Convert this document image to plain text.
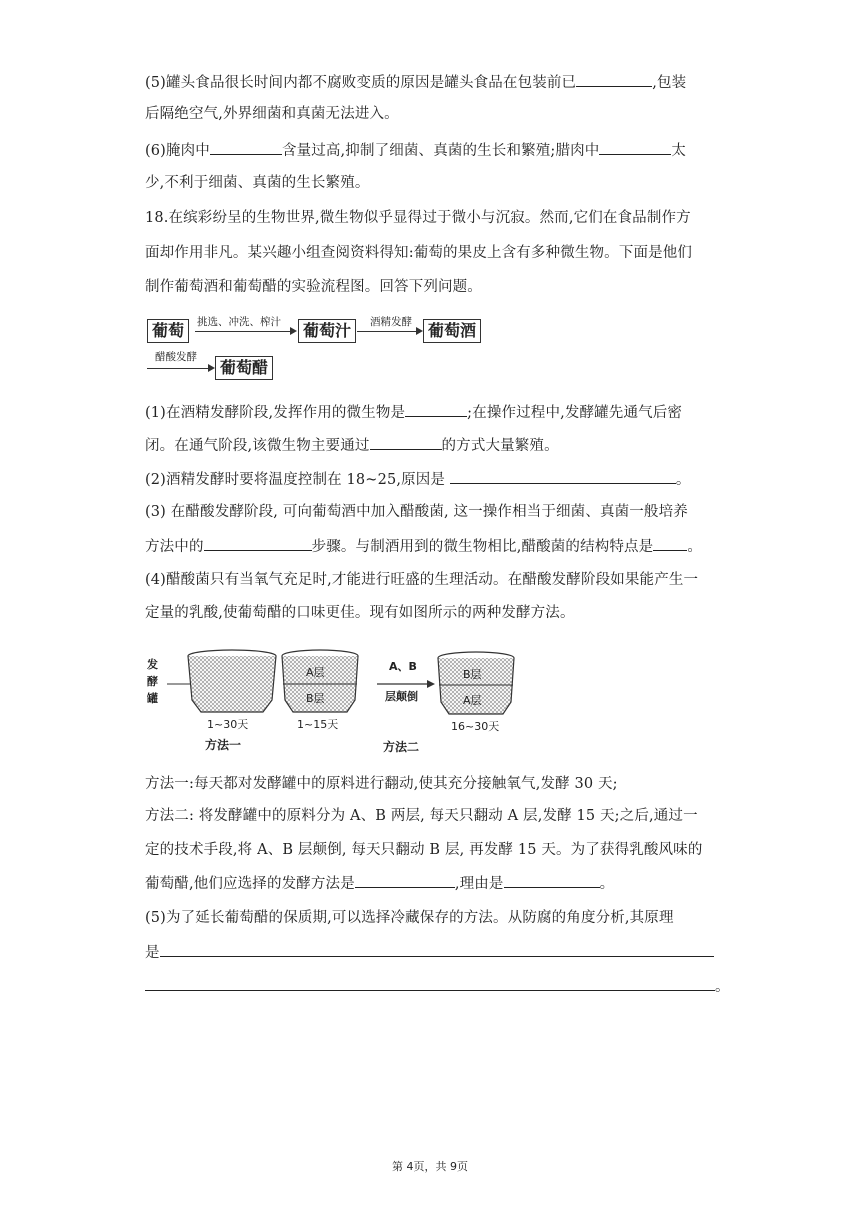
(5)罐头食品很长时间内都不腐败变质的原因是罐头食品在包装前已	,包装
后隔绝空气,外界细菌和真菌无法进入。
(6)腌肉中	含量过高,抑制了细菌、真菌的生长和繁殖;腊肉中	太
少,不利于细菌、真菌的生长繁殖。
18.在缤彩纷呈的生物世界,微生物似乎显得过于微小与沉寂。然而,它们在食品制作方
面却作用非凡。某兴趣小组查阅资料得知:葡萄的果皮上含有多种微生物。下面是他们
制作葡萄酒和葡萄醋的实验流程图。回答下列问题。
葡萄	挑选、冲洗、榨汁	葡萄汁	酒精发酵	葡萄酒
醋酸发酵
葡萄醋
(1)在酒精发酵阶段,发挥作用的微生物是	;在操作过程中,发酵罐先通气后密
闭。在通气阶段,该微生物主要通过	的方式大量繁殖。
(2)酒精发酵时要将温度控制在 18~25,原因是	。
(3) 在醋酸发酵阶段, 可向葡萄酒中加入醋酸菌, 这一操作相当于细菌、真菌一般培养
方法中的	步骤。与制酒用到的微生物相比,醋酸菌的结构特点是 。
(4)醋酸菌只有当氧气充足时,才能进行旺盛的生理活动。在醋酸发酵阶段如果能产生一
定量的乳酸,使葡萄醋的口味更佳。现有如图所示的两种发酵方法。
发
酵
罐
A层
B层
B层
A层
A、B
层颠倒
1~30天	1~15天	16~30天
方法一	方法二
方法一:每天都对发酵罐中的原料进行翻动,使其充分接触氧气,发酵 30 天;
方法二: 将发酵罐中的原料分为 A、B 两层, 每天只翻动 A 层,发酵 15 天;之后,通过一
定的技术手段,将 A、B 层颠倒, 每天只翻动 B 层, 再发酵 15 天。为了获得乳酸风味的
葡萄醋,他们应选择的发酵方法是	,理由是	。
(5)为了延长葡萄醋的保质期,可以选择冷藏保存的方法。从防腐的角度分析,其原理
是
。
第 4页，共 9页
